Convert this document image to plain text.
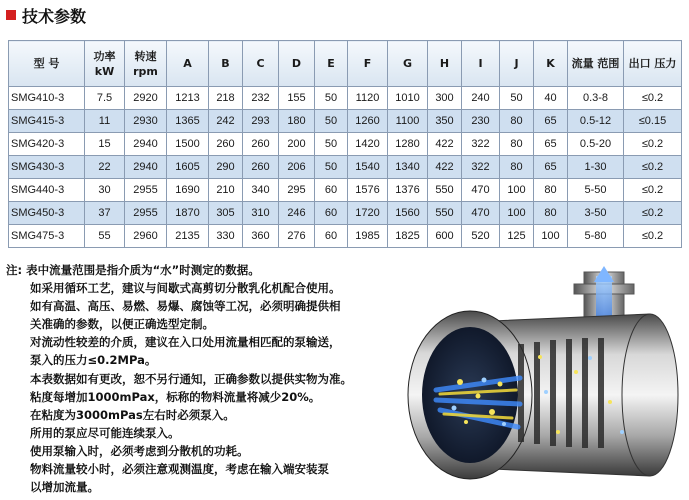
技术参数
型 号	功率 kW	转速 rpm	A	B	C	D	E	F	G	H	I	J	K	流量 范围	出口 压力
SMG410-3	7.5	2920	1213	218	232	155	50	1120	1010	300	240	50	40	0.3-8	≤0.2
SMG415-3	11	2930	1365	242	293	180	50	1260	1100	350	230	80	65	0.5-12	≤0.15
SMG420-3	15	2940	1500	260	260	200	50	1420	1280	422	322	80	65	0.5-20	≤0.2
SMG430-3	22	2940	1605	290	260	206	50	1540	1340	422	322	80	65	1-30	≤0.2
SMG440-3	30	2955	1690	210	340	295	60	1576	1376	550	470	100	80	5-50	≤0.2
SMG450-3	37	2955	1870	305	310	246	60	1720	1560	550	470	100	80	3-50	≤0.2
SMG475-3	55	2960	2135	330	360	276	60	1985	1825	600	520	125	100	5-80	≤0.2

注: 表中流量范围是指介质为“水”时测定的数据。

如采用循环工艺，建议与间歇式高剪切分散乳化机配合使用。

如有高温、高压、易燃、易爆、腐蚀等工况，必须明确提供相

关准确的参数，以便正确选型定制。

对流动性较差的介质，建议在入口处用流量相匹配的泵输送，

泵入的压力≤0.2MPa。

本表数据如有更改，恕不另行通知，正确参数以提供实物为准。

粘度每增加1000mPax，标称的物料流量将减少20%。

在粘度为3000mPas左右时必须泵入。

所用的泵应尽可能连续泵入。

使用泵输入时，必须考虑到分散机的功耗。

物料流量较小时，必须注意观测温度，考虑在输入端安装泵

以增加流量。
